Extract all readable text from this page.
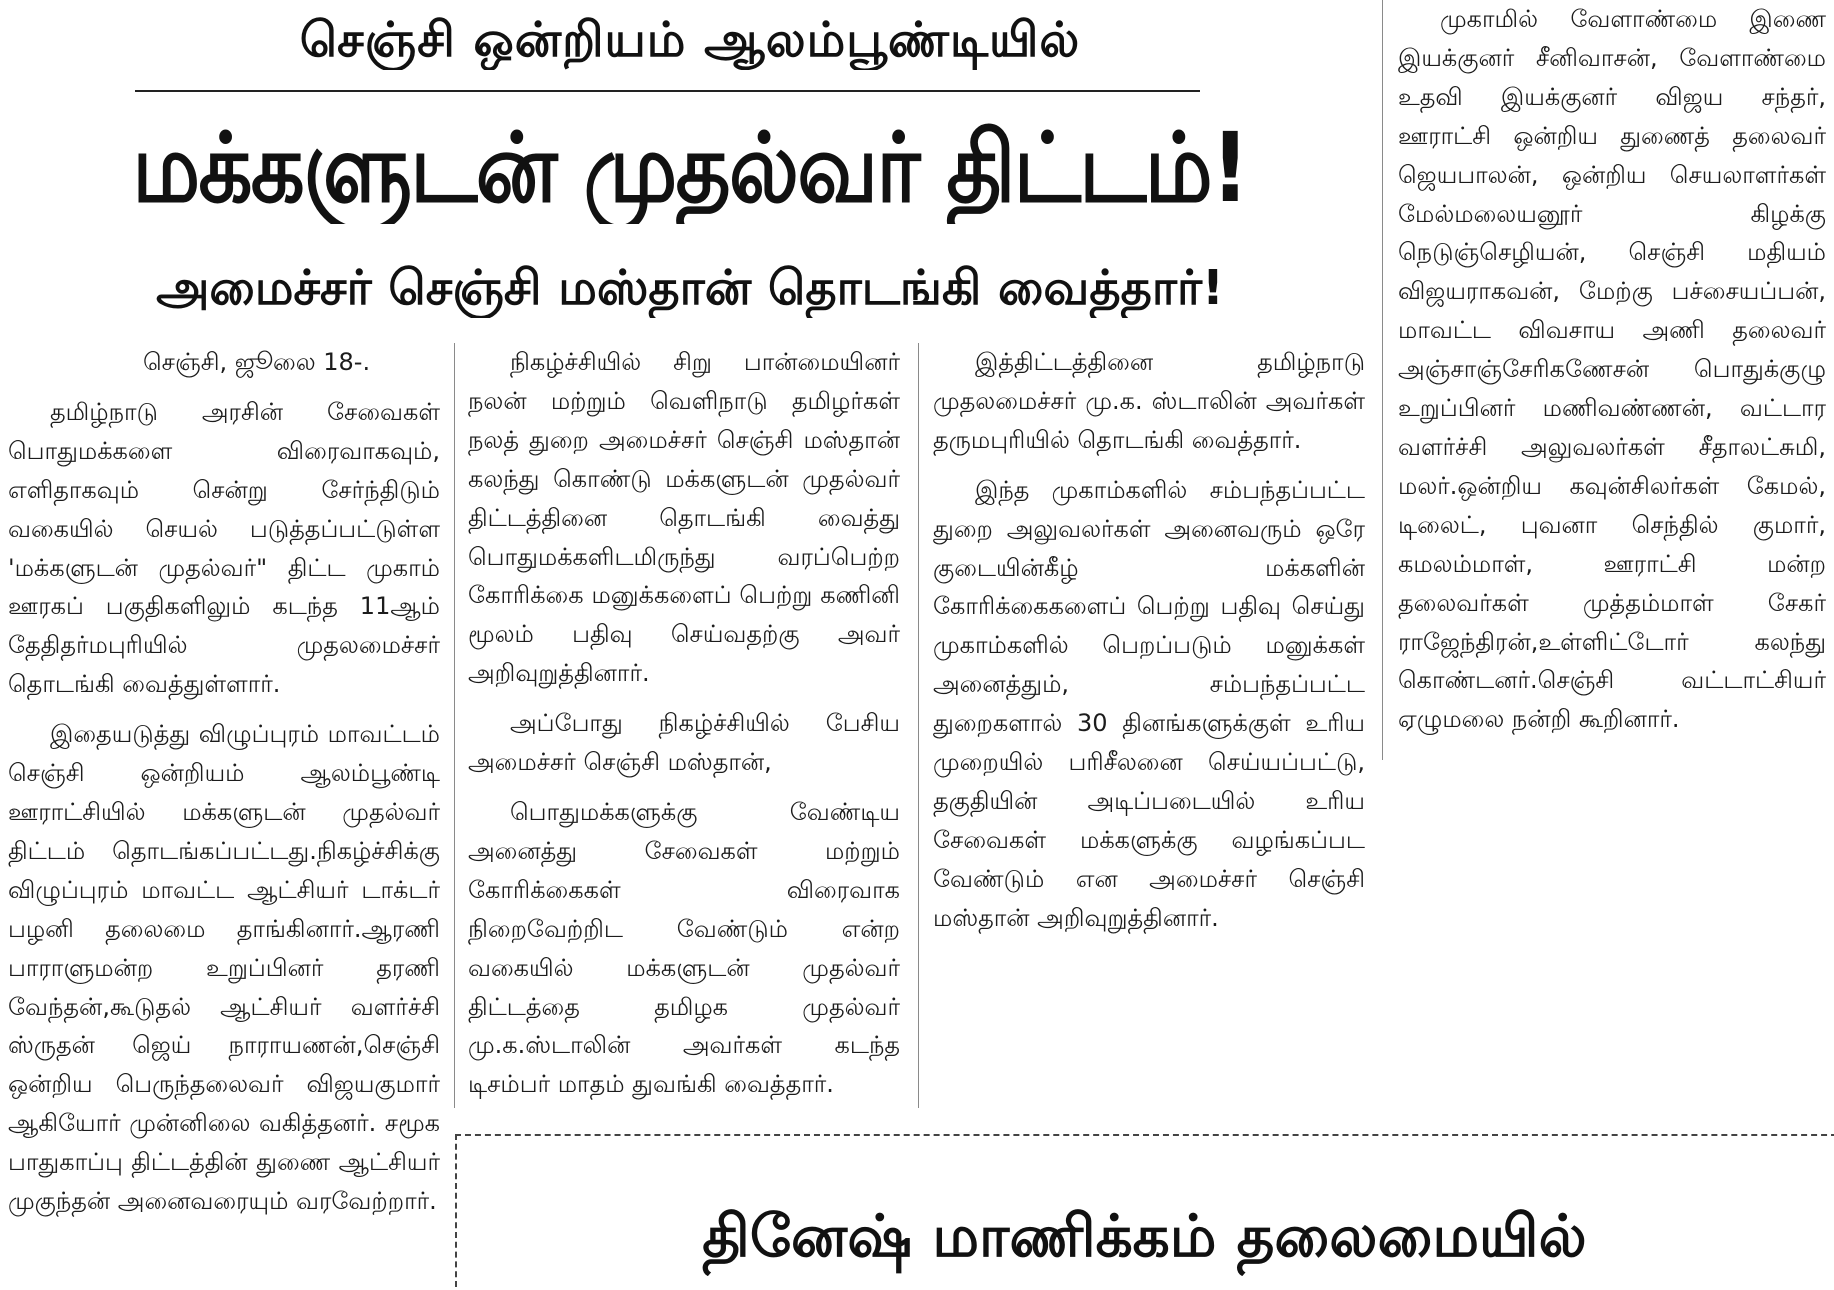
செஞ்சி ஒன்றியம் ஆலம்பூண்டியில்
மக்களுடன் முதல்வர் திட்டம்!
அமைச்சர் செஞ்சி மஸ்தான் தொடங்கி வைத்தார்!

செஞ்சி, ஜூலை 18-.

தமிழ்நாடு அரசின் சேவைகள் பொதுமக்களை விரைவாகவும், எளிதாகவும் சென்று சேர்ந்திடும் வகையில் செயல் படுத்தப்பட்டுள்ள 'மக்களுடன் முதல்வர்" திட்ட முகாம் ஊரகப் பகுதிகளிலும் கடந்த 11ஆம் தேதிதர்மபுரியில் முதலமைச்சர் தொடங்கி வைத்துள்ளார்.

இதையடுத்து விழுப்புரம் மாவட்டம் செஞ்சி ஒன்றியம் ஆலம்பூண்டி ஊராட்சியில் மக்களுடன் முதல்வர் திட்டம் தொடங்கப்பட்டது.நிகழ்ச்சிக்கு விழுப்புரம் மாவட்ட ஆட்சியர் டாக்டர் பழனி தலைமை தாங்கினார்.ஆரணி பாராளுமன்ற உறுப்பினர் தரணி வேந்தன்,கூடுதல் ஆட்சியர் வளர்ச்சி ஸ்ருதன் ஜெய் நாராயணன்,செஞ்சி ஒன்றிய பெருந்தலைவர் விஜயகுமார் ஆகியோர் முன்னிலை வகித்தனர். சமூக பாதுகாப்பு திட்டத்தின் துணை ஆட்சியர் முகுந்தன் அனைவரையும் வரவேற்றார்.

நிகழ்ச்சியில் சிறு பான்மையினர் நலன் மற்றும் வெளிநாடு தமிழர்கள் நலத் துறை அமைச்சர் செஞ்சி மஸ்தான் கலந்து கொண்டு மக்களுடன் முதல்வர் திட்டத்தினை தொடங்கி வைத்து பொதுமக்களிடமிருந்து வரப்பெற்ற கோரிக்கை மனுக்களைப் பெற்று கணினி மூலம் பதிவு செய்வதற்கு அவர் அறிவுறுத்தினார்.

அப்போது நிகழ்ச்சியில் பேசிய அமைச்சர் செஞ்சி மஸ்தான்,

பொதுமக்களுக்கு வேண்டிய அனைத்து சேவைகள் மற்றும் கோரிக்கைகள் விரைவாக நிறைவேற்றிட வேண்டும் என்ற வகையில் மக்களுடன் முதல்வர் திட்டத்தை தமிழக முதல்வர் மு.க.ஸ்டாலின் அவர்கள் கடந்த டிசம்பர் மாதம் துவங்கி வைத்தார்.

இத்திட்டத்தினை தமிழ்நாடு முதலமைச்சர் மு.க. ஸ்டாலின் அவர்கள் தருமபுரியில் தொடங்கி வைத்தார்.

இந்த முகாம்களில் சம்பந்தப்பட்ட துறை அலுவலர்கள் அனைவரும் ஒரே குடையின்கீழ் மக்களின் கோரிக்கைகளைப் பெற்று பதிவு செய்து முகாம்களில் பெறப்படும் மனுக்கள் அனைத்தும், சம்பந்தப்பட்ட துறைகளால் 30 தினங்களுக்குள் உரிய முறையில் பரிசீலனை செய்யப்பட்டு, தகுதியின் அடிப்படையில் உரிய சேவைகள் மக்களுக்கு வழங்கப்பட வேண்டும் என அமைச்சர் செஞ்சி மஸ்தான் அறிவுறுத்தினார்.

முகாமில் வேளாண்மை இணை இயக்குனர் சீனிவாசன், வேளாண்மை உதவி இயக்குனர் விஜய சந்தர், ஊராட்சி ஒன்றிய துணைத் தலைவர் ஜெயபாலன், ஒன்றிய செயலாளர்கள் மேல்மலையனூர் கிழக்கு நெடுஞ்செழியன், செஞ்சி மதியம் விஜயராகவன், மேற்கு பச்சையப்பன், மாவட்ட விவசாய அணி தலைவர் அஞ்சாஞ்சேரிகணேசன் பொதுக்குழு உறுப்பினர் மணிவண்ணன், வட்டார வளர்ச்சி அலுவலர்கள் சீதாலட்சுமி, மலர்.ஒன்றிய கவுன்சிலர்கள் கேமல், டிலைட், புவனா செந்தில் குமார், கமலம்மாள், ஊராட்சி மன்ற தலைவர்கள் முத்தம்மாள் சேகர் ராஜேந்திரன்,உள்ளிட்டோர் கலந்து கொண்டனர்.செஞ்சி வட்டாட்சியர் ஏழுமலை நன்றி கூறினார்.

தினேஷ் மாணிக்கம் தலைமையில்
